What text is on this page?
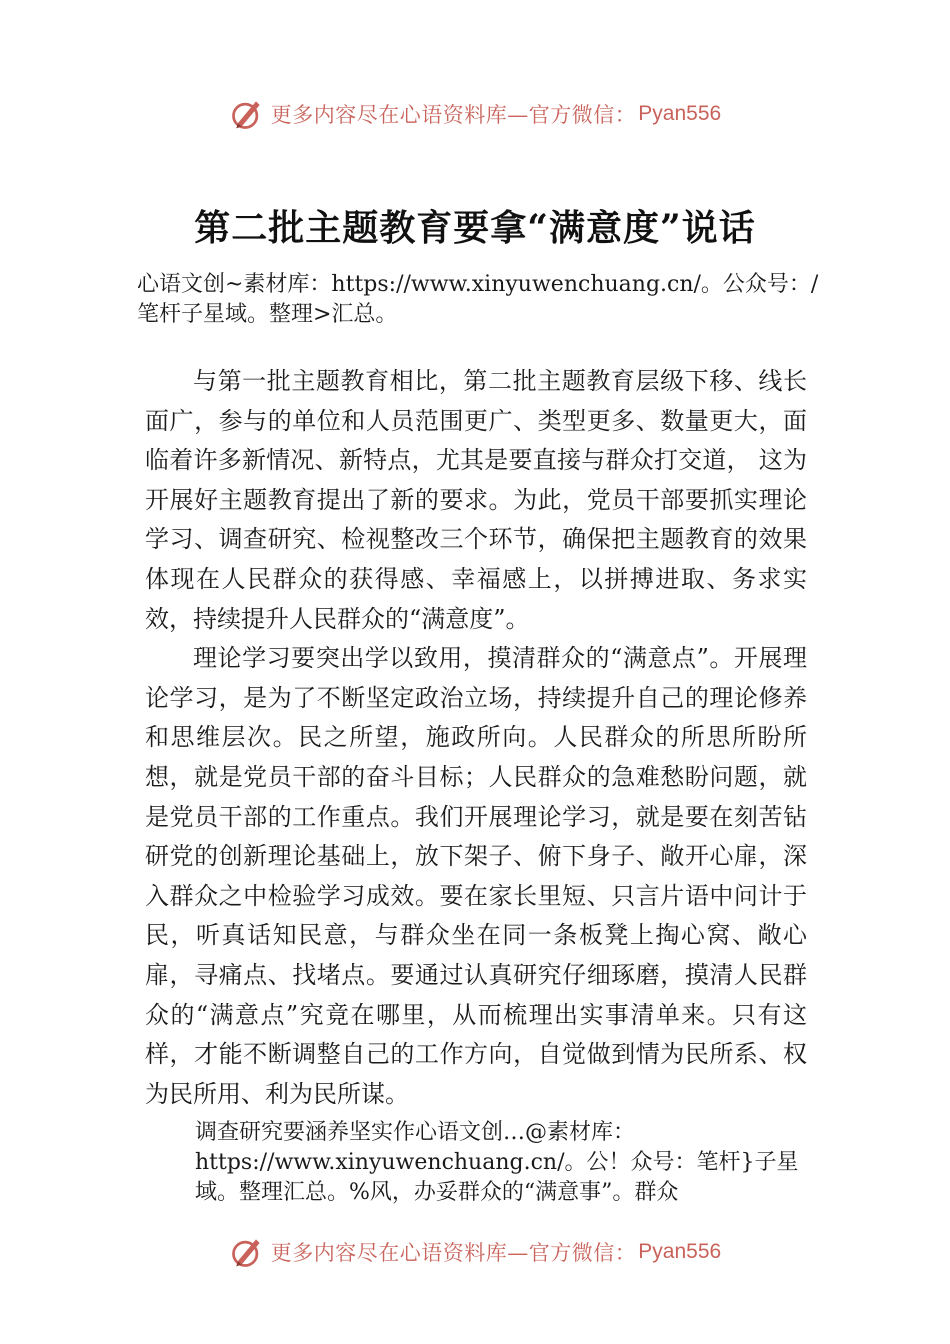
更多内容尽在心语资料库—官方微信： Pyan556
第二批主题教育要拿“满意度”说话

心语文创~素材库：https://www.xinyuwenchuang.cn/。公众号：/笔杆子星域。整理>汇总。

与第一批主题教育相比，第二批主题教育层级下移、线长面广，参与的单位和人员范围更广、类型更多、数量更大，面临着许多新情况、新特点，尤其是要直接与群众打交道， 这为开展好主题教育提出了新的要求。为此，党员干部要抓实理论学习、调查研究、检视整改三个环节，确保把主题教育的效果体现在人民群众的获得感、幸福感上，以拼搏进取、务求实效，持续提升人民群众的“满意度”。

理论学习要突出学以致用，摸清群众的“满意点”。开展理论学习，是为了不断坚定政治立场，持续提升自己的理论修养和思维层次。民之所望，施政所向。人民群众的所思所盼所想，就是党员干部的奋斗目标；人民群众的急难愁盼问题，就是党员干部的工作重点。我们开展理论学习，就是要在刻苦钻研党的创新理论基础上，放下架子、俯下身子、敞开心扉，深入群众之中检验学习成效。要在家长里短、只言片语中问计于民，听真话知民意，与群众坐在同一条板凳上掏心窝、敞心扉，寻痛点、找堵点。要通过认真研究仔细琢磨，摸清人民群众的“满意点”究竟在哪里，从而梳理出实事清单来。只有这样，才能不断调整自己的工作方向，自觉做到情为民所系、权为民所用、利为民所谋。

调查研究要涵养坚实作心语文创…@素材库：https://www.xinyuwenchuang.cn/。公！众号：笔杆}子星域。整理汇总。%风，办妥群众的“满意事”。群众

更多内容尽在心语资料库—官方微信： Pyan556
